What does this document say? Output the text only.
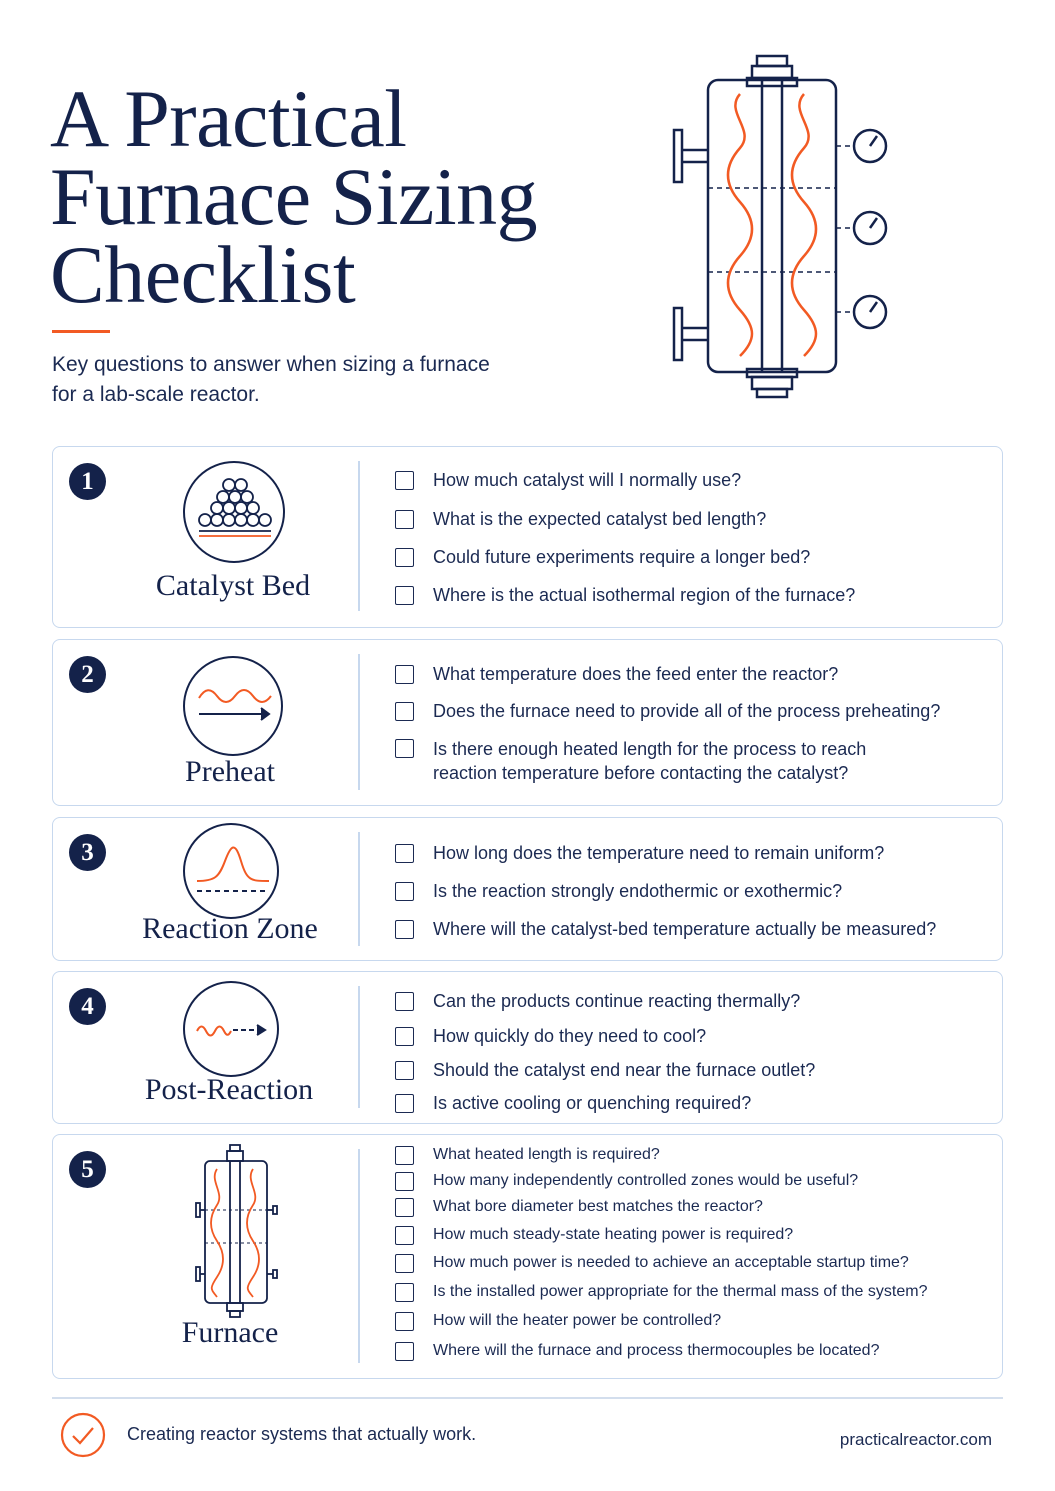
A Practical
Furnace Sizing
Checklist

Key questions to answer when sizing a furnace
for a lab-scale reactor.

1
Catalyst Bed
How much catalyst will I normally use?
What is the expected catalyst bed length?
Could future experiments require a longer bed?
Where is the actual isothermal region of the furnace?
2
Preheat
What temperature does the feed enter the reactor?
Does the furnace need to provide all of the process preheating?
Is there enough heated length for the process to reach
reaction temperature before contacting the catalyst?
3
Reaction Zone
How long does the temperature need to remain uniform?
Is the reaction strongly endothermic or exothermic?
Where will the catalyst-bed temperature actually be measured?
4
Post-Reaction
Can the products continue reacting thermally?
How quickly do they need to cool?
Should the catalyst end near the furnace outlet?
Is active cooling or quenching required?
5
Furnace
What heated length is required?
How many independently controlled zones would be useful?
What bore diameter best matches the reactor?
How much steady-state heating power is required?
How much power is needed to achieve an acceptable startup time?
Is the installed power appropriate for the thermal mass of the system?
How will the heater power be controlled?
Where will the furnace and process thermocouples be located?
Creating reactor systems that actually work.	practicalreactor.com
